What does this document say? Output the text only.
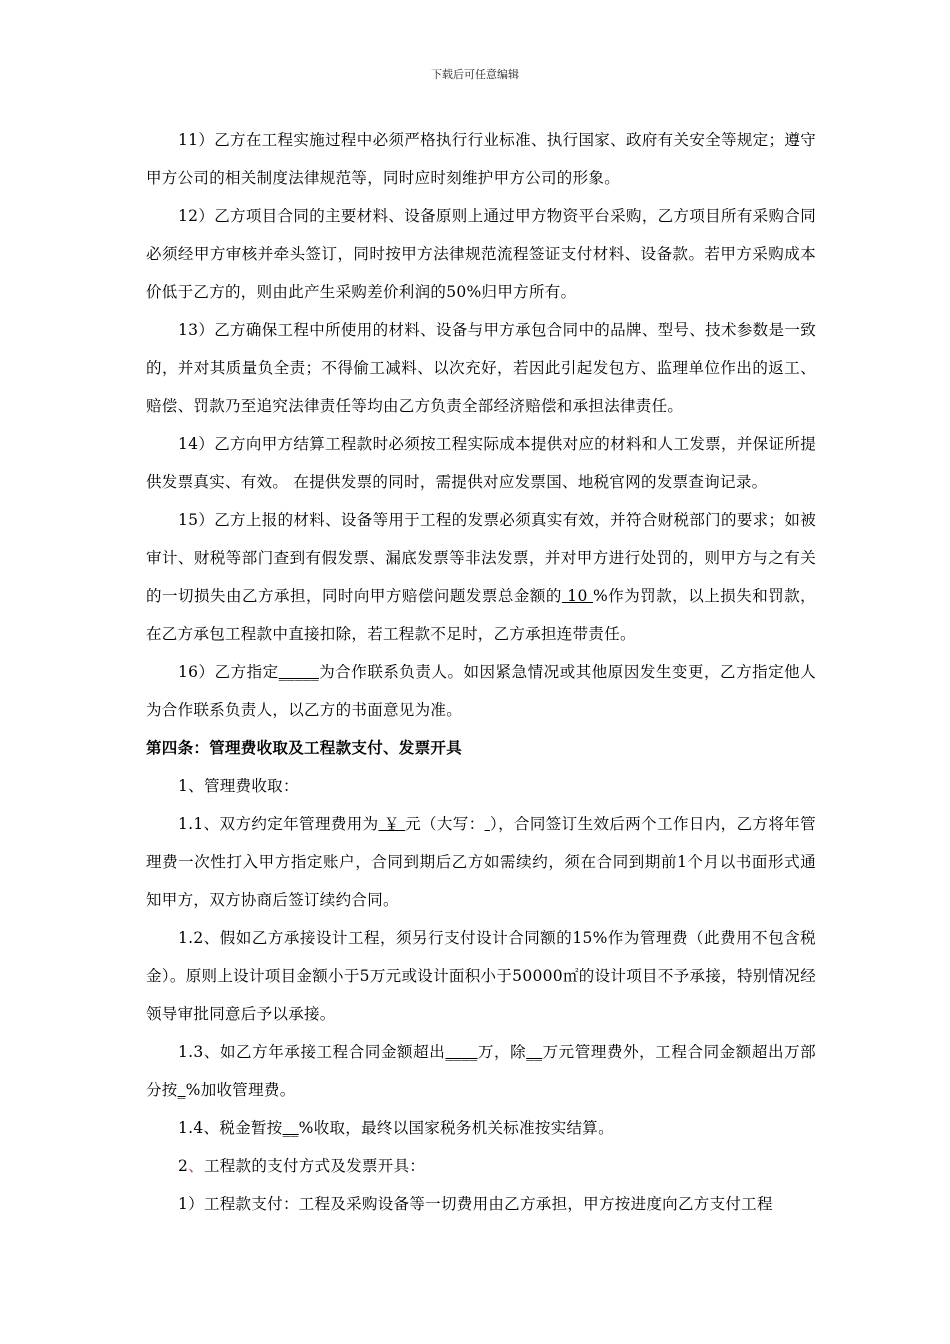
下载后可任意编辑

11）乙方在工程实施过程中必须严格执行行业标准、执行国家、政府有关安全等规定；遵守甲方公司的相关制度法律规范等，同时应时刻维护甲方公司的形象。

12）乙方项目合同的主要材料、设备原则上通过甲方物资平台采购，乙方项目所有采购合同必须经甲方审核并牵头签订，同时按甲方法律规范流程签证支付材料、设备款。若甲方采购成本价低于乙方的，则由此产生采购差价利润的50%归甲方所有。

13）乙方确保工程中所使用的材料、设备与甲方承包合同中的品牌、型号、技术参数是一致的，并对其质量负全责；不得偷工减料、以次充好，若因此引起发包方、监理单位作出的返工、赔偿、罚款乃至追究法律责任等均由乙方负责全部经济赔偿和承担法律责任。

14）乙方向甲方结算工程款时必须按工程实际成本提供对应的材料和人工发票，并保证所提供发票真实、有效。 在提供发票的同时，需提供对应发票国、地税官网的发票查询记录。

15）乙方上报的材料、设备等用于工程的发票必须真实有效，并符合财税部门的要求；如被审计、财税等部门查到有假发票、漏底发票等非法发票，并对甲方进行处罚的，则甲方与之有关的一切损失由乙方承担，同时向甲方赔偿问题发票总金额的 10 %作为罚款，以上损失和罚款，在乙方承包工程款中直接扣除，若工程款不足时，乙方承担连带责任。

16）乙方指定_____为合作联系负责人。如因紧急情况或其他原因发生变更，乙方指定他人为合作联系负责人，以乙方的书面意见为准。

第四条：管理费收取及工程款支付、发票开具

1、管理费收取：

1.1、双方约定年管理费用为 ￥ 元（大写： ），合同签订生效后两个工作日内，乙方将年管理费一次性打入甲方指定账户，合同到期后乙方如需续约，须在合同到期前1个月以书面形式通知甲方，双方协商后签订续约合同。

1.2、假如乙方承接设计工程，须另行支付设计合同额的15%作为管理费（此费用不包含税金）。原则上设计项目金额小于5万元或设计面积小于50000㎡的设计项目不予承接，特别情况经领导审批同意后予以承接。

1.3、如乙方年承接工程合同金额超出____万，除__万元管理费外，工程合同金额超出万部分按_%加收管理费。

1.4、税金暂按__%收取，最终以国家税务机关标准按实结算。

2、工程款的支付方式及发票开具：

1）工程款支付：工程及采购设备等一切费用由乙方承担，甲方按进度向乙方支付工程
